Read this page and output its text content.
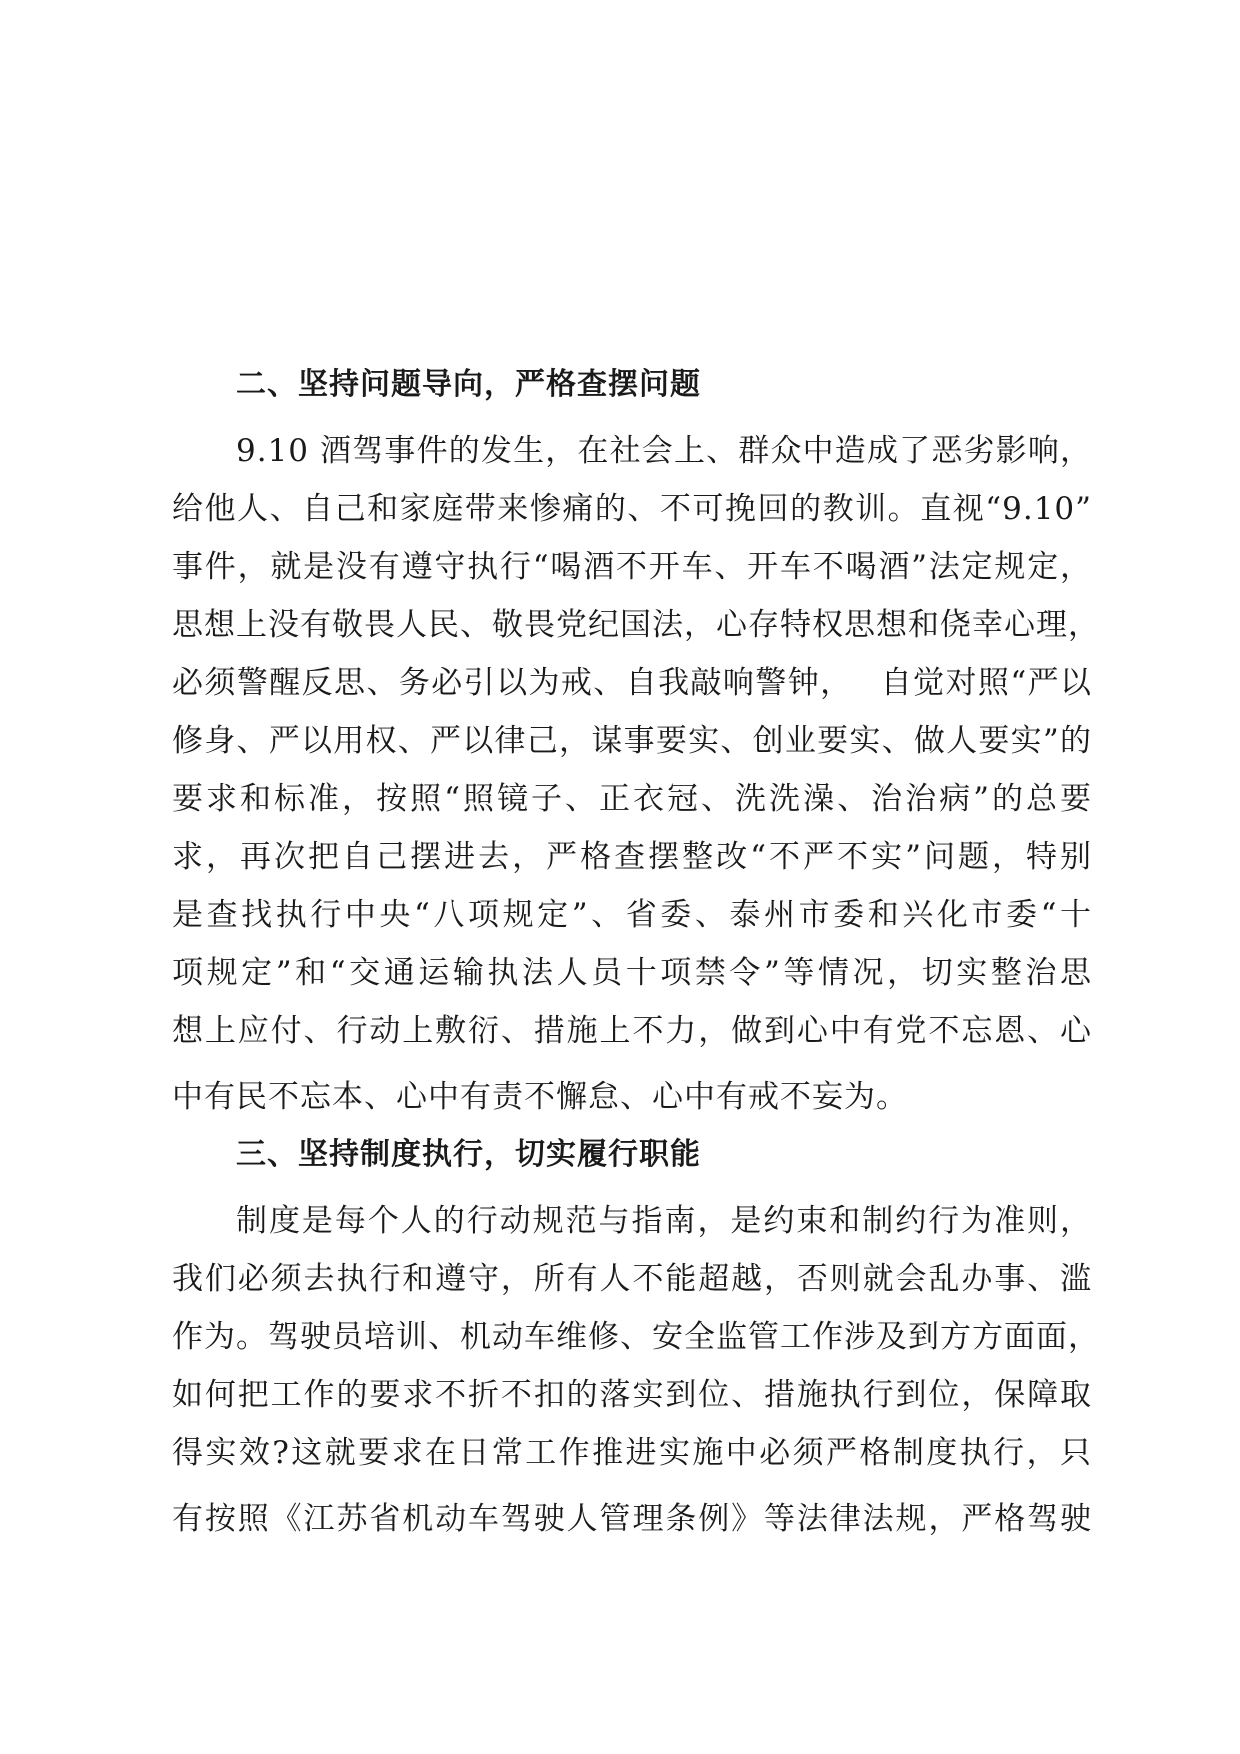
二、坚持问题导向，严格查摆问题
9.10 酒驾事件的发生，在社会上、群众中造成了恶劣影响，
给他人、自己和家庭带来惨痛的、不可挽回的教训。直视“9.10”
事件，就是没有遵守执行“喝酒不开车、开车不喝酒”法定规定，
思想上没有敬畏人民、敬畏党纪国法，心存特权思想和侥幸心理，
必须警醒反思、务必引以为戒、自我敲响警钟，　 自觉对照“严以
修身、严以用权、严以律己，谋事要实、创业要实、做人要实”的
要求和标准，按照“照镜子、正衣冠、洗洗澡、治治病”的总要
求，再次把自己摆进去，严格查摆整改“不严不实”问题，特别
是查找执行中央“八项规定”、省委、泰州市委和兴化市委“十
项规定”和“交通运输执法人员十项禁令”等情况，切实整治思
想上应付、行动上敷衍、措施上不力，做到心中有党不忘恩、心
中有民不忘本、心中有责不懈怠、心中有戒不妄为。
三、坚持制度执行，切实履行职能
制度是每个人的行动规范与指南，是约束和制约行为准则，
我们必须去执行和遵守，所有人不能超越，否则就会乱办事、滥
作为。驾驶员培训、机动车维修、安全监管工作涉及到方方面面，
如何把工作的要求不折不扣的落实到位、措施执行到位，保障取
得实效?这就要求在日常工作推进实施中必须严格制度执行，只
有按照《江苏省机动车驾驶人管理条例》等法律法规，严格驾驶
